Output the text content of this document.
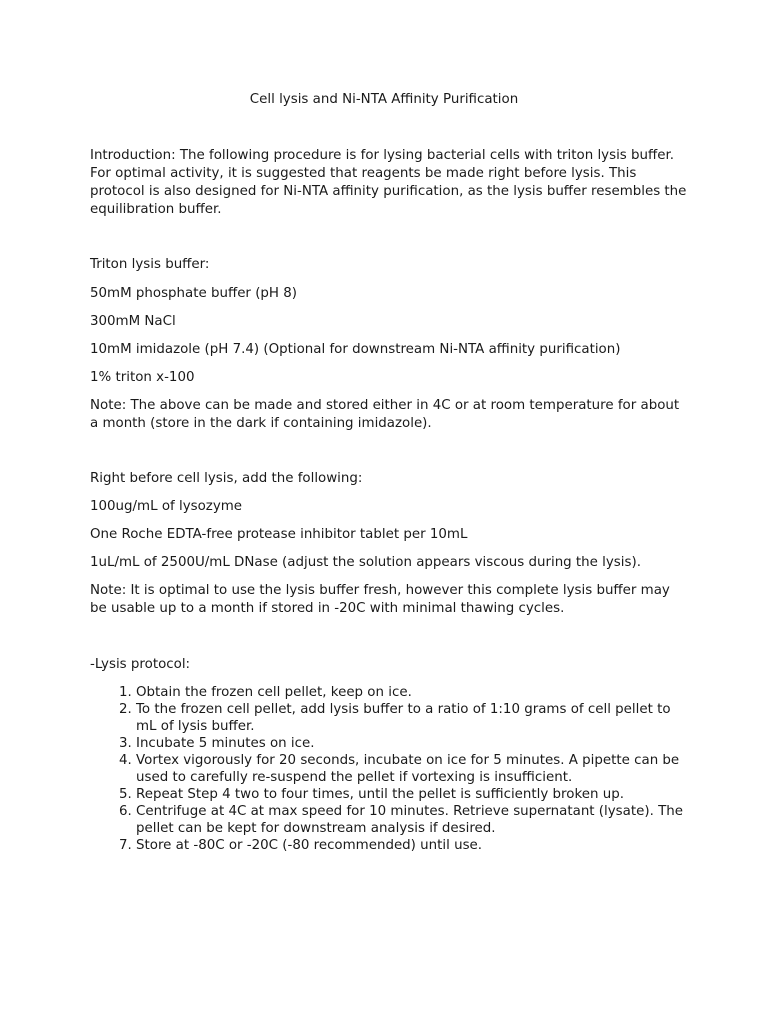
Cell lysis and Ni-NTA Affinity Purification

Introduction: The following procedure is for lysing bacterial cells with triton lysis buffer. For optimal activity, it is suggested that reagents be made right before lysis. This protocol is also designed for Ni-NTA affinity purification, as the lysis buffer resembles the equilibration buffer.

Triton lysis buffer:

50mM phosphate buffer (pH 8)

300mM NaCl

10mM imidazole (pH 7.4) (Optional for downstream Ni-NTA affinity purification)

1% triton x-100

Note: The above can be made and stored either in 4C or at room temperature for about a month (store in the dark if containing imidazole).

Right before cell lysis, add the following:

100ug/mL of lysozyme

One Roche EDTA-free protease inhibitor tablet per 10mL

1uL/mL of 2500U/mL DNase (adjust the solution appears viscous during the lysis).

Note: It is optimal to use the lysis buffer fresh, however this complete lysis buffer may be usable up to a month if stored in -20C with minimal thawing cycles.

-Lysis protocol:

1. Obtain the frozen cell pellet, keep on ice.
2. To the frozen cell pellet, add lysis buffer to a ratio of 1:10 grams of cell pellet to mL of lysis buffer.
3. Incubate 5 minutes on ice.
4. Vortex vigorously for 20 seconds, incubate on ice for 5 minutes. A pipette can be used to carefully re-suspend the pellet if vortexing is insufficient.
5. Repeat Step 4 two to four times, until the pellet is sufficiently broken up.
6. Centrifuge at 4C at max speed for 10 minutes. Retrieve supernatant (lysate). The pellet can be kept for downstream analysis if desired.
7. Store at -80C or -20C (-80 recommended) until use.
